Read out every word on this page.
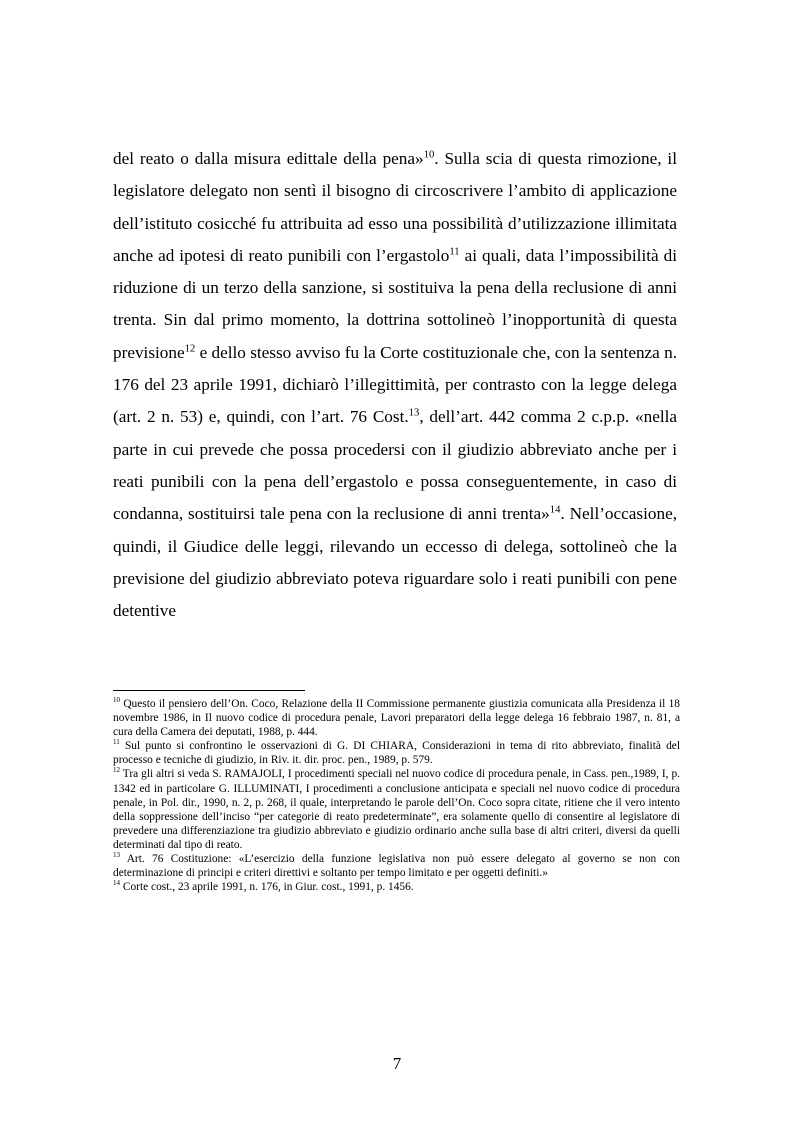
del reato o dalla misura edittale della pena»$^{10}$. Sulla scia di questa rimozione, il legislatore delegato non sentì il bisogno di circoscrivere l’ambito di applicazione dell’istituto cosicché fu attribuita ad esso una possibilità d’utilizzazione illimitata anche ad ipotesi di reato punibili con l’ergastolo$^{11}$ ai quali, data l’impossibilità di riduzione di un terzo della sanzione, si sostituiva la pena della reclusione di anni trenta. Sin dal primo momento, la dottrina sottolineò l’inopportunità di questa previsione$^{12}$ e dello stesso avviso fu la Corte costituzionale che, con la sentenza n. 176 del 23 aprile 1991, dichiarò l’illegittimità, per contrasto con la legge delega (art. 2 n. 53) e, quindi, con l’art. 76 Cost.$^{13}$, dell’art. 442 comma 2 c.p.p. «nella parte in cui prevede che possa procedersi con il giudizio abbreviato anche per i reati punibili con la pena dell’ergastolo e possa conseguentemente, in caso di condanna, sostituirsi tale pena con la reclusione di anni trenta»$^{14}$. Nell’occasione, quindi, il Giudice delle leggi, rilevando un eccesso di delega, sottolineò che la previsione del giudizio abbreviato poteva riguardare solo i reati punibili con pene detentive

$^{10}$ Questo il pensiero dell’On. Coco, Relazione della II Commissione permanente giustizia comunicata alla Presidenza il 18 novembre 1986, in Il nuovo codice di procedura penale, Lavori preparatori della legge delega 16 febbraio 1987, n. 81, a cura della Camera dei deputati, 1988, p. 444.

$^{11}$ Sul punto si confrontino le osservazioni di G. DI CHIARA, Considerazioni in tema di rito abbreviato, finalità del processo e tecniche di giudizio, in Riv. it. dir. proc. pen., 1989, p. 579.

$^{12}$ Tra gli altri si veda S. RAMAJOLI, I procedimenti speciali nel nuovo codice di procedura penale, in Cass. pen.,1989, I, p. 1342 ed in particolare G. ILLUMINATI, I procedimenti a conclusione anticipata e speciali nel nuovo codice di procedura penale, in Pol. dir., 1990, n. 2, p. 268, il quale, interpretando le parole dell’On. Coco sopra citate, ritiene che il vero intento della soppressione dell’inciso “per categorie di reato predeterminate”, era solamente quello di consentire al legislatore di prevedere una differenziazione tra giudizio abbreviato e giudizio ordinario anche sulla base di altri criteri, diversi da quelli determinati dal tipo di reato.

$^{13}$ Art. 76 Costituzione: «L’esercizio della funzione legislativa non può essere delegato al governo se non con determinazione di principi e criteri direttivi e soltanto per tempo limitato e per oggetti definiti.»

$^{14}$ Corte cost., 23 aprile 1991, n. 176, in Giur. cost., 1991, p. 1456.

7
